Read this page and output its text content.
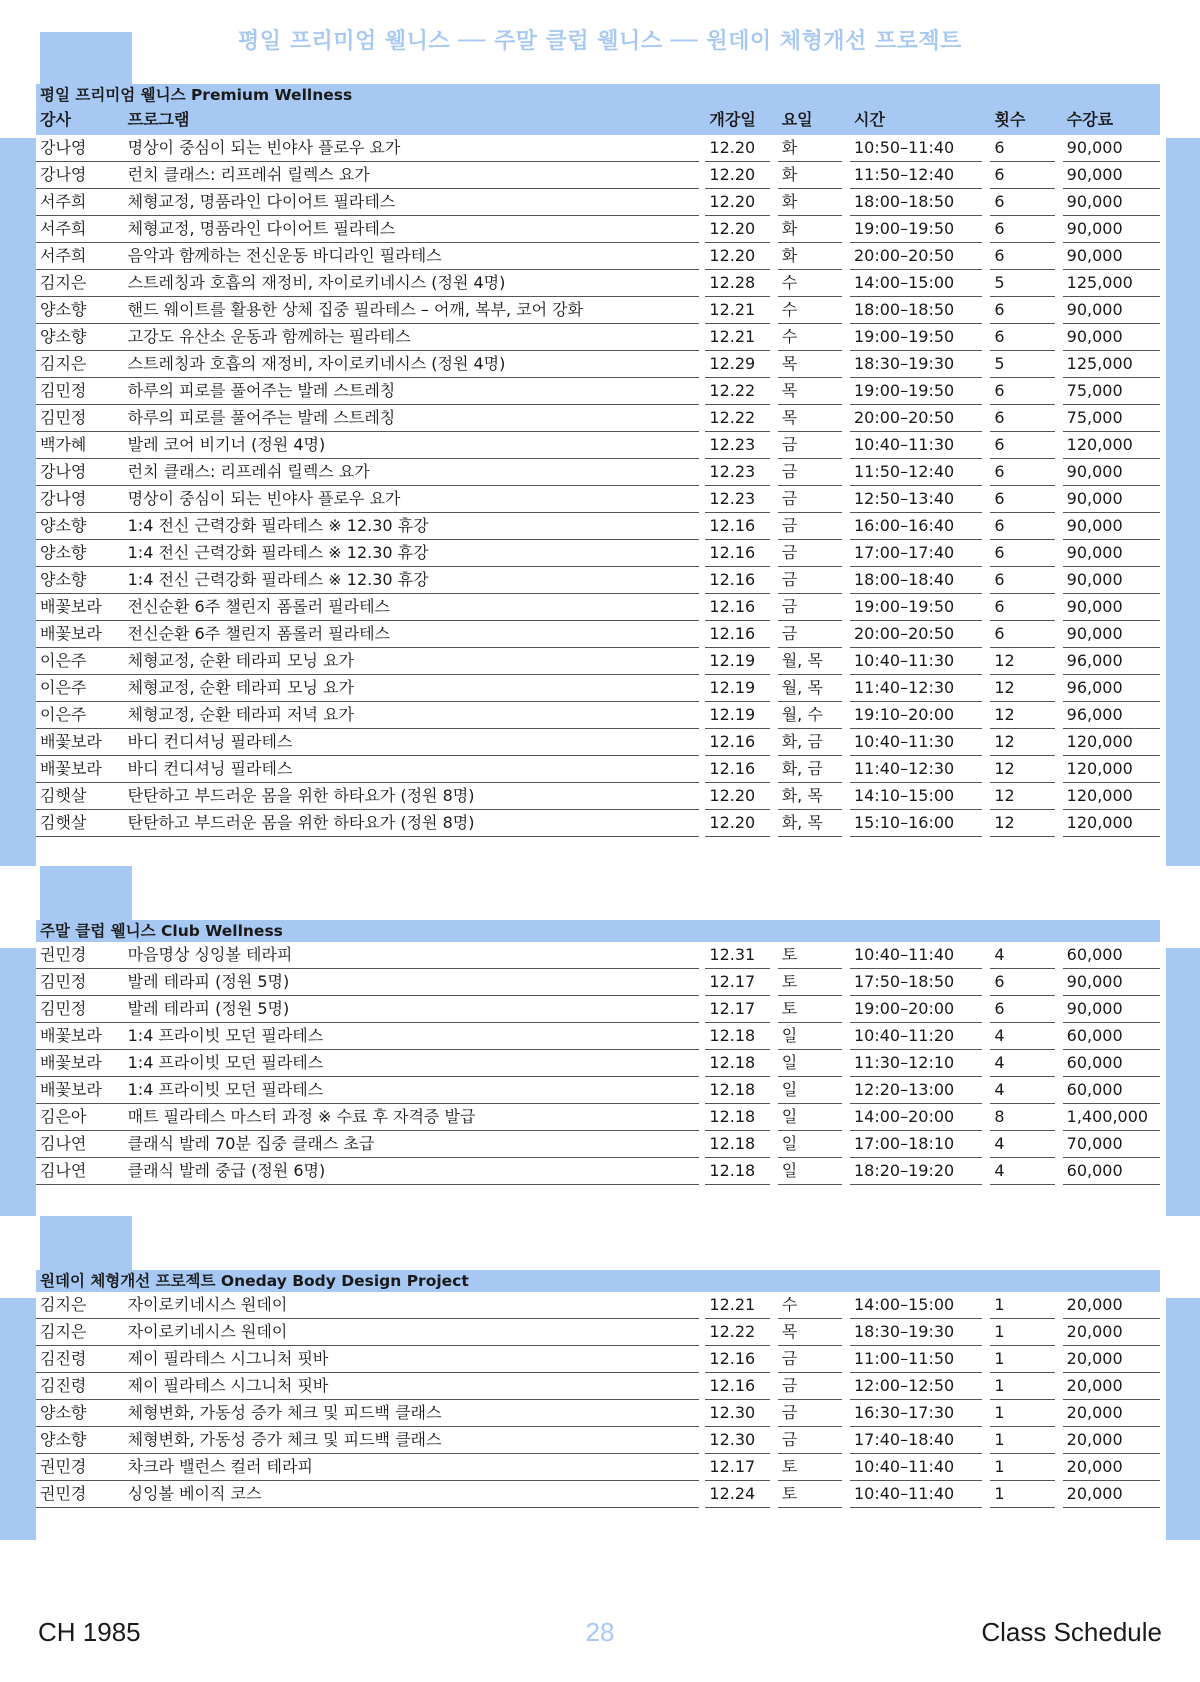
평일 프리미엄 웰니스 ── 주말 클럽 웰니스 ── 원데이 체형개선 프로젝트
평일 프리미엄 웰니스 Premium Wellness
강사	프로그램	개강일	요일	시간	횟수	수강료
강나영	명상이 중심이 되는 빈야사 플로우 요가	12.20	화	10:50–11:40	6	90,000
강나영	런치 클래스: 리프레쉬 릴렉스 요가	12.20	화	11:50–12:40	6	90,000
서주희	체형교정, 명품라인 다이어트 필라테스	12.20	화	18:00–18:50	6	90,000
서주희	체형교정, 명품라인 다이어트 필라테스	12.20	화	19:00–19:50	6	90,000
서주희	음악과 함께하는 전신운동 바디라인 필라테스	12.20	화	20:00–20:50	6	90,000
김지은	스트레칭과 호흡의 재정비, 자이로키네시스 (정원 4명)	12.28	수	14:00–15:00	5	125,000
양소향	핸드 웨이트를 활용한 상체 집중 필라테스 – 어깨, 복부, 코어 강화	12.21	수	18:00–18:50	6	90,000
양소향	고강도 유산소 운동과 함께하는 필라테스	12.21	수	19:00–19:50	6	90,000
김지은	스트레칭과 호흡의 재정비, 자이로키네시스 (정원 4명)	12.29	목	18:30–19:30	5	125,000
김민정	하루의 피로를 풀어주는 발레 스트레칭	12.22	목	19:00–19:50	6	75,000
김민정	하루의 피로를 풀어주는 발레 스트레칭	12.22	목	20:00–20:50	6	75,000
백가혜	발레 코어 비기너 (정원 4명)	12.23	금	10:40–11:30	6	120,000
강나영	런치 클래스: 리프레쉬 릴렉스 요가	12.23	금	11:50–12:40	6	90,000
강나영	명상이 중심이 되는 빈야사 플로우 요가	12.23	금	12:50–13:40	6	90,000
양소향	1:4 전신 근력강화 필라테스 ※ 12.30 휴강	12.16	금	16:00–16:40	6	90,000
양소향	1:4 전신 근력강화 필라테스 ※ 12.30 휴강	12.16	금	17:00–17:40	6	90,000
양소향	1:4 전신 근력강화 필라테스 ※ 12.30 휴강	12.16	금	18:00–18:40	6	90,000
배꽃보라	전신순환 6주 챌린지 폼롤러 필라테스	12.16	금	19:00–19:50	6	90,000
배꽃보라	전신순환 6주 챌린지 폼롤러 필라테스	12.16	금	20:00–20:50	6	90,000
이은주	체형교정, 순환 테라피 모닝 요가	12.19	월, 목	10:40–11:30	12	96,000
이은주	체형교정, 순환 테라피 모닝 요가	12.19	월, 목	11:40–12:30	12	96,000
이은주	체형교정, 순환 테라피 저녁 요가	12.19	월, 수	19:10–20:00	12	96,000
배꽃보라	바디 컨디셔닝 필라테스	12.16	화, 금	10:40–11:30	12	120,000
배꽃보라	바디 컨디셔닝 필라테스	12.16	화, 금	11:40–12:30	12	120,000
김햇살	탄탄하고 부드러운 몸을 위한 하타요가 (정원 8명)	12.20	화, 목	14:10–15:00	12	120,000
김햇살	탄탄하고 부드러운 몸을 위한 하타요가 (정원 8명)	12.20	화, 목	15:10–16:00	12	120,000
주말 클럽 웰니스 Club Wellness
권민경	마음명상 싱잉볼 테라피	12.31	토	10:40–11:40	4	60,000
김민정	발레 테라피 (정원 5명)	12.17	토	17:50–18:50	6	90,000
김민정	발레 테라피 (정원 5명)	12.17	토	19:00–20:00	6	90,000
배꽃보라	1:4 프라이빗 모던 필라테스	12.18	일	10:40–11:20	4	60,000
배꽃보라	1:4 프라이빗 모던 필라테스	12.18	일	11:30–12:10	4	60,000
배꽃보라	1:4 프라이빗 모던 필라테스	12.18	일	12:20–13:00	4	60,000
김은아	매트 필라테스 마스터 과정 ※ 수료 후 자격증 발급	12.18	일	14:00–20:00	8	1,400,000
김나연	클래식 발레 70분 집중 클래스 초급	12.18	일	17:00–18:10	4	70,000
김나연	클래식 발레 중급 (정원 6명)	12.18	일	18:20–19:20	4	60,000
원데이 체형개선 프로젝트 Oneday Body Design Project
김지은	자이로키네시스 원데이	12.21	수	14:00–15:00	1	20,000
김지은	자이로키네시스 원데이	12.22	목	18:30–19:30	1	20,000
김진령	제이 필라테스 시그니처 핏바	12.16	금	11:00–11:50	1	20,000
김진령	제이 필라테스 시그니처 핏바	12.16	금	12:00–12:50	1	20,000
양소향	체형변화, 가동성 증가 체크 및 피드백 클래스	12.30	금	16:30–17:30	1	20,000
양소향	체형변화, 가동성 증가 체크 및 피드백 클래스	12.30	금	17:40–18:40	1	20,000
권민경	차크라 밸런스 컬러 테라피	12.17	토	10:40–11:40	1	20,000
권민경	싱잉볼 베이직 코스	12.24	토	10:40–11:40	1	20,000
CH 1985	28	Class Schedule
